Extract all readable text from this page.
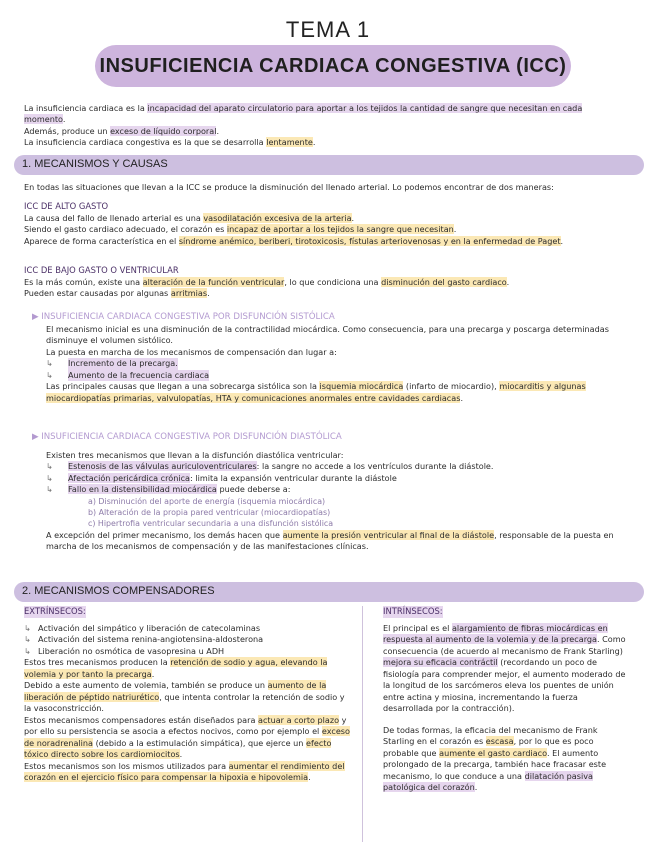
TEMA 1
INSUFICIENCIA CARDIACA CONGESTIVA (ICC)
La insuficiencia cardiaca es la incapacidad del aparato circulatorio para aportar a los tejidos la cantidad de sangre que necesitan en cada momento.
Además, produce un exceso de líquido corporal.
La insuficiencia cardiaca congestiva es la que se desarrolla lentamente.
1. MECANISMOS Y CAUSAS
En todas las situaciones que llevan a la ICC se produce la disminución del llenado arterial. Lo podemos encontrar de dos maneras:
ICC DE ALTO GASTO
La causa del fallo de llenado arterial es una vasodilatación excesiva de la arteria.
Siendo el gasto cardiaco adecuado, el corazón es incapaz de aportar a los tejidos la sangre que necesitan.
Aparece de forma característica en el síndrome anémico, beriberi, tirotoxicosis, fístulas arteriovenosas y en la enfermedad de Paget.
ICC DE BAJO GASTO O VENTRICULAR
Es la más común, existe una alteración de la función ventricular, lo que condiciona una disminución del gasto cardiaco.
Pueden estar causadas por algunas arritmias.
▶ INSUFICIENCIA CARDIACA CONGESTIVA POR DISFUNCIÓN SISTÓLICA
El mecanismo inicial es una disminución de la contractilidad miocárdica. Como consecuencia, para una precarga y poscarga determinadas disminuye el volumen sistólico.
La puesta en marcha de los mecanismos de compensación dan lugar a:
↳	Incremento de la precarga.
↳	Aumento de la frecuencia cardiaca
Las principales causas que llegan a una sobrecarga sistólica son la isquemia miocárdica (infarto de miocardio), miocarditis y algunas miocardiopatías primarias, valvulopatías, HTA y comunicaciones anormales entre cavidades cardiacas.
▶ INSUFICIENCIA CARDIACA CONGESTIVA POR DISFUNCIÓN DIASTÓLICA
Existen tres mecanismos que llevan a la disfunción diastólica ventricular:
↳	Estenosis de las válvulas auriculoventriculares: la sangre no accede a los ventrículos durante la diástole.
↳	Afectación pericárdica crónica: limita la expansión ventricular durante la diástole
↳	Fallo en la distensibilidad miocárdica puede deberse a:
a) Disminución del aporte de energía (isquemia miocárdica)
b) Alteración de la propia pared ventricular (miocardiopatías)
c) Hipertrofia ventricular secundaria a una disfunción sistólica
A excepción del primer mecanismo, los demás hacen que aumente la presión ventricular al final de la diástole, responsable de la puesta en marcha de los mecanismos de compensación y de las manifestaciones clínicas.
2. MECANISMOS COMPENSADORES
EXTRÍNSECOS:
↳ Activación del simpático y liberación de catecolaminas
↳ Activación del sistema renina-angiotensina-aldosterona
↳ Liberación no osmótica de vasopresina u ADH
Estos tres mecanismos producen la retención de sodio y agua, elevando la volemia y por tanto la precarga.
Debido a este aumento de volemia, también se produce un aumento de la liberación de péptido natriurético, que intenta controlar la retención de sodio y la vasoconstricción.
Estos mecanismos compensadores están diseñados para actuar a corto plazo y por ello su persistencia se asocia a efectos nocivos, como por ejemplo el exceso de noradrenalina (debido a la estimulación simpática), que ejerce un efecto tóxico directo sobre los cardiomiocitos.
Estos mecanismos son los mismos utilizados para aumentar el rendimiento del corazón en el ejercicio físico para compensar la hipoxia e hipovolemia.
INTRÍNSECOS:
El principal es el alargamiento de fibras miocárdicas en respuesta al aumento de la volemia y de la precarga. Como consecuencia (de acuerdo al mecanismo de Frank Starling) mejora su eficacia contráctil (recordando un poco de fisiología para comprender mejor, el aumento moderado de la longitud de los sarcómeros eleva los puentes de unión entre actina y miosina, incrementando la fuerza desarrollada por la contracción).
De todas formas, la eficacia del mecanismo de Frank Starling en el corazón es escasa, por lo que es poco probable que aumente el gasto cardiaco. El aumento prolongado de la precarga, también hace fracasar este mecanismo, lo que conduce a una dilatación pasiva patológica del corazón.
